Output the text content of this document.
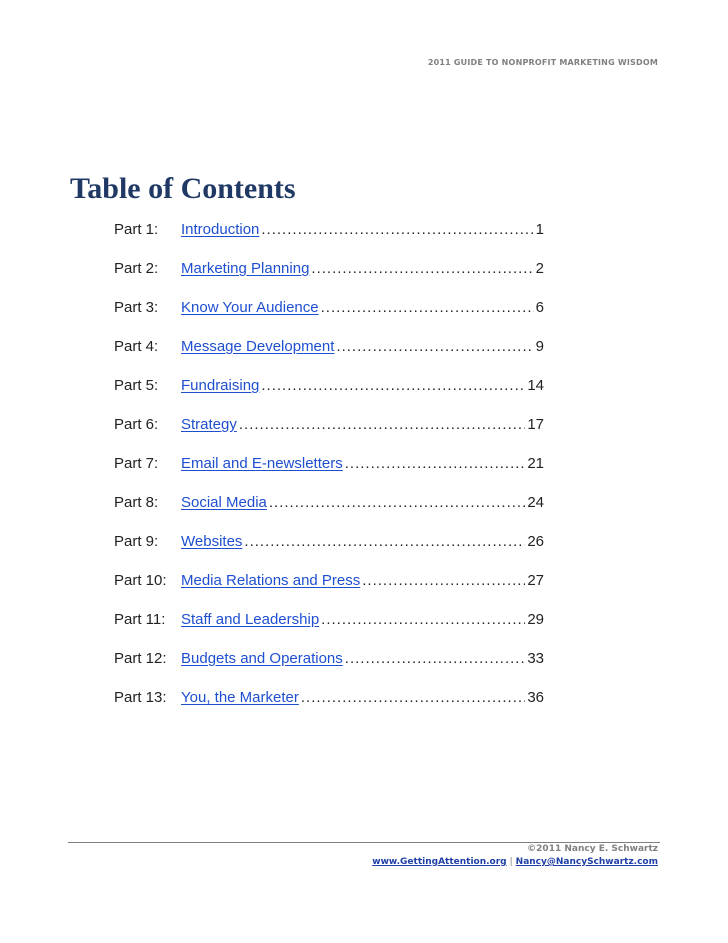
2011 GUIDE TO NONPROFIT MARKETING WISDOM
Table of Contents
Part 1:	Introduction .....	1
Part 2:	Marketing Planning .....	2
Part 3:	Know Your Audience .....	6
Part 4:	Message Development .....	9
Part 5:	Fundraising .....	14
Part 6:	Strategy .....	17
Part 7:	Email and E-newsletters .....	21
Part 8:	Social Media .....	24
Part 9:	Websites .....	26
Part 10: Media Relations and Press .....	27
Part 11:	Staff and Leadership .....	29
Part 12: Budgets and Operations .....	33
Part 13: You, the Marketer .....	36
©2011 Nancy E. Schwartz
www.GettingAttention.org | Nancy@NancySchwartz.com
